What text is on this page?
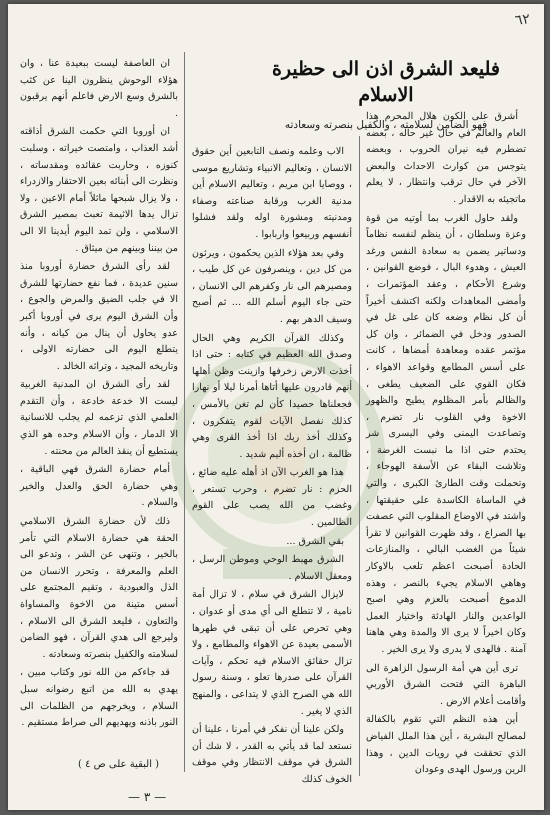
٦٢
فليعد الشرق اذن الى حظيرة الاسلام
فهو الضامن لسلامته ، والكفيل بنصرته وسعادته

أشرق على الكون هلال المحرم هذا العام والعالم في حال غير حاله ، بعضه تضطرم فيه نيران الحروب ، وبعضه يتوجس من كوارث الاحداث والبعض الآخر في حال ترقب وانتظار ، لا يعلم ماتجيئه به الاقدار .

ولقد حاول الغرب بما أوتيه من قوة وعزة وسلطان ، أن ينظم لنفسه نظاماً ودساتير يضمن به سعادة النفس ورغد العيش ، وهدوء البال ، فوضع القوانين ، وشرع الأحكام ، وعقد المؤتمرات ، وأمضى المعاهدات ولكنه اكتشف أخيراً أن كل نظام وضعه كان على غل في الصدور ودخل في الضمائر ، وان كل مؤتمر عقده ومعاهدة أمضاها ، كانت على أسس المطامع وقواعد الاهواء ، فكان القوي على الضعيف يطغى ، والظالم بأمر المظلوم يطيح والظهور الاخوة وفي القلوب نار تضرم ، وتصاعدت اليمنى وفي اليسرى شر يحتدم حتى اذا ما نبست الغرضة ، وتلاشت البقاء عن الأسفة الهوجاء ، وتحملت وقت الطارئ الكبرى ، والتي في الماساة الكاسدة على حقيقتها ، واشتد في الاوضاع المقلوب التي عصفت بها الصراع ، وقد ظهرت القوانين لا تقرأ شيئاً من الغضب البالي ، والمنازعات الحادة أصبحت اعظم تلعب بالاوكار وهاهي الاسلام يجيء بالنصر ، وهذه الدموع أصبحت بالعزم وهي اصبح الواعدين والنار الهادئة واختيار العمل وكان اخيراً لا يرى الا والمدة وهي هاهنا آمنة . فالهدى لا يدرى ولا يرى الخير .

ترى أين هي أمة الرسول الزاهرة الى الباهرة التي فتحت الشرق الأوربي وأقامت أعلام الارض .

أين هذه النظم التي تقوم بالكفالة لمصالح البشرية ، أين هذا الملل الفياض الذي تحققت في رويات الدين ، وهذا الرين ورسول الهدى وعودان

الاب وعلمه ونصف التابعين أين حقوق الانسان ، وتعاليم الانبياء وتشاريع موسى ، ووصايا ابن مريم ، وتعاليم الاسلام أين مدنية الغرب ورقابة صناعته وصفاء ومدنيته ومشورة اوله ولقد فشلوا أنفسهم وربيعوا واربابوا .

وفي بعد هؤلاء الذين يحكمون ، ويرثون من كل دين ، وينصرفون عن كل طيب ، ومصيرهم الى نار وكفرهم الى الانسان ، حتى جاء اليوم أسلم الله ... ثم أصبح وسيف الدهر بهم .

وكذلك القرآن الكريم وهي الحال وصدق الله العظيم في كتابه : حتى اذا أخذت الارض زخرفها وازينت وظن أهلها أنهم قادرون عليها أتاها أمرنا ليلا أو نهارا فجعلناها حصيدا كأن لم تغن بالأمس ، كذلك نفصل الآيات لقوم يتفكرون ، وكذلك أخذ ربك اذا أخذ القرى وهي ظالمة ، ان أخذه أليم شديد .

هذا هو الغرب الآن اذ أهله عليه ضائع ، الحزم : نار تضرم ، وحرب تستعر ، وغضب من الله يصب على القوم الظالمين .

بقي الشرق ...

الشرق مهبط الوحي وموطن الرسل ، ومعقل الاسلام .

لايزال الشرق في سلام ، لا تزال أمة نامية ، لا تتطلع الى أي مدى أو عدوان ، وهي تحرص على أن تبقى في طهرها الأسمى بعيدة عن الاهواء والمطامع ، ولا تزال حقائق الاسلام فيه تحكم ، وآيات القرآن على صدرها تعلو ، وسنة رسول الله هي الصرح الذي لا يتداعى ، والمنهج الذي لا يغير .

ولكن علينا أن نفكر في أمرنا ، علينا أن نستعد لما قد يأتي به القدر ، لا شك أن الشرق في موقف الانتظار وفي موقف الخوف كذلك

ان العاصفة ليست ببعيدة عنا ، وان هؤلاء الوحوش ينظرون الينا عن كثب بالشرق وسع الارض فاعلم أنهم يرقبون .

ان أوروبا التي حكمت الشرق أذاقته أشد العذاب ، وامتصت خيراته ، وسلبت كنوزه ، وحاربت عقائده ومقدساته ، ونظرت الى أبنائه بعين الاحتقار والازدراء ، ولا يزال شبحها ماثلاً أمام الاعين ، ولا تزال يدها الاثيمة تعبث بمصير الشرق الاسلامي ، ولن تمد اليوم أيدينا الا الى من بيننا وبينهم من ميثاق .

لقد رأى الشرق حضارة أوروبا منذ سنين عديدة ، فما نفع حضارتها للشرق الا في جلب الضيق والمرض والجوع ، وأن الشرق اليوم يرى في أوروبا أكبر عدو يحاول أن ينال من كيانه ، وأنه يتطلع اليوم الى حضارته الاولى ، وتاريخه المجيد ، وتراثه الخالد .

لقد رأى الشرق ان المدنية الغربية ليست الا خدعة خادعة ، وأن التقدم العلمي الذي تزعمه لم يجلب للانسانية الا الدمار ، وأن الاسلام وحده هو الذي يستطيع أن ينقذ العالم من محنته .

أمام حضارة الشرق فهي الباقية ، وهي حضارة الحق والعدل والخير والسلام .

ذلك لأن حضارة الشرق الاسلامي الحقة هي حضارة الاسلام التي تأمر بالخير ، وتنهى عن الشر ، وتدعو الى العلم والمعرفة ، وتحرر الانسان من الذل والعبودية ، وتقيم المجتمع على أسس متينة من الاخوة والمساواة والتعاون ، فليعد الشرق الى الاسلام ، وليرجع الى هدي القرآن ، فهو الضامن لسلامته والكفيل بنصرته وسعادته .

قد جاءكم من الله نور وكتاب مبين ، يهدي به الله من اتبع رضوانه سبل السلام ، ويخرجهم من الظلمات الى النور باذنه ويهديهم الى صراط مستقيم .

( البقية على ص ٤ )
— ٣ —
